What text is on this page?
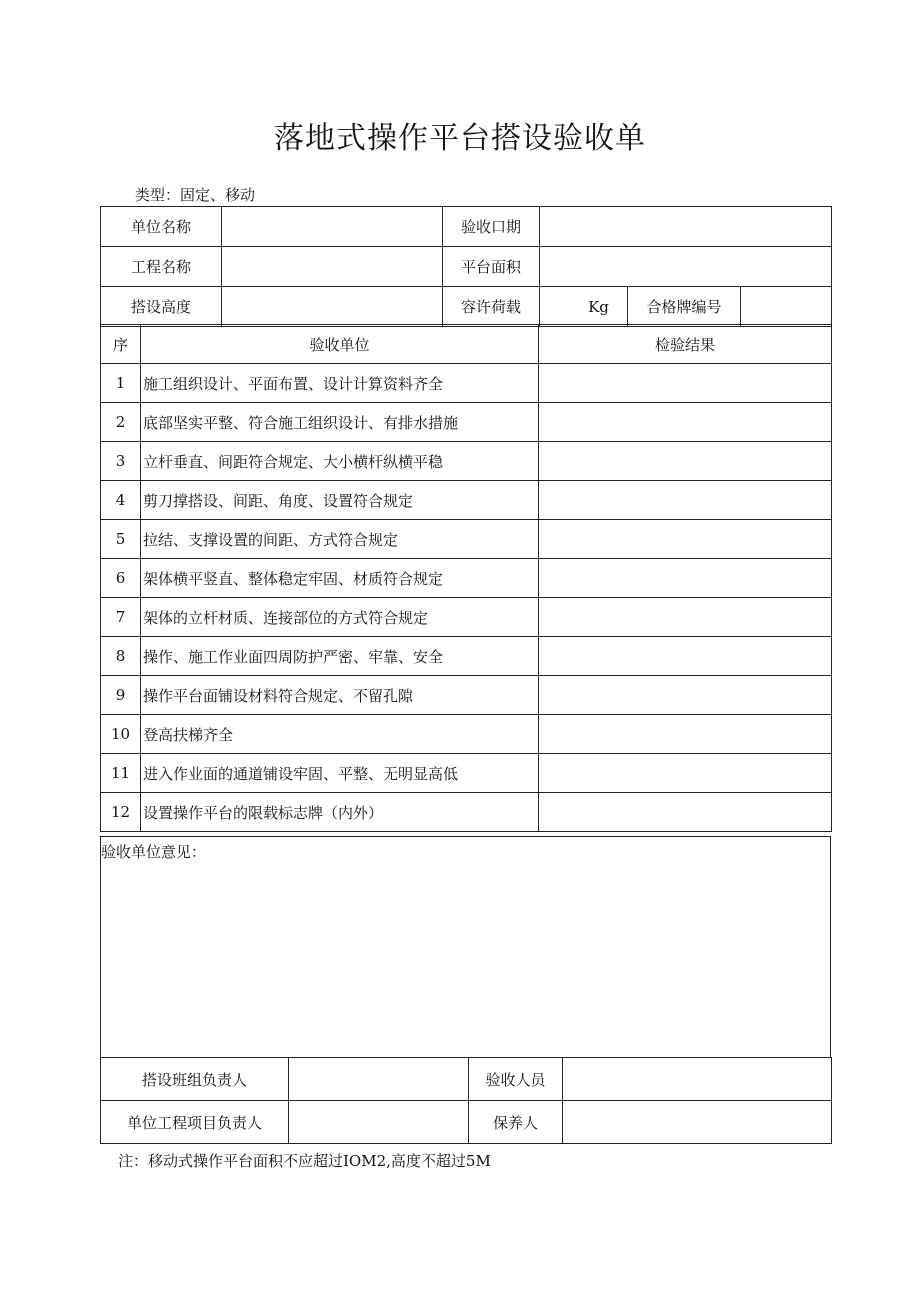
落地式操作平台搭设验收单
类型：固定、移动
单位名称		验收口期			
工程名称		平台面积			
搭设高度		容许荷载	Kg	合格牌编号	
序	验收单位	检验结果
1	施工组织设计、平面布置、设计计算资料齐全	
2	底部坚实平整、符合施工组织设计、有排水措施	
3	立杆垂直、间距符合规定、大小横杆纵横平稳	
4	剪刀撑搭设、间距、角度、设置符合规定	
5	拉结、支撑设置的间距、方式符合规定	
6	架体横平竖直、整体稳定牢固、材质符合规定	
7	架体的立杆材质、连接部位的方式符合规定	
8	操作、施工作业面四周防护严密、牢靠、安全	
9	操作平台面铺设材料符合规定、不留孔隙	
10	登高扶梯齐全	
11	进入作业面的通道铺设牢固、平整、无明显高低	
12	设置操作平台的限载标志牌（内外）	
验收单位意见：
搭设班组负责人		验收人员	
单位工程项目负责人		保养人	
注：移动式操作平台面积不应超过IOM2,高度不超过5M
